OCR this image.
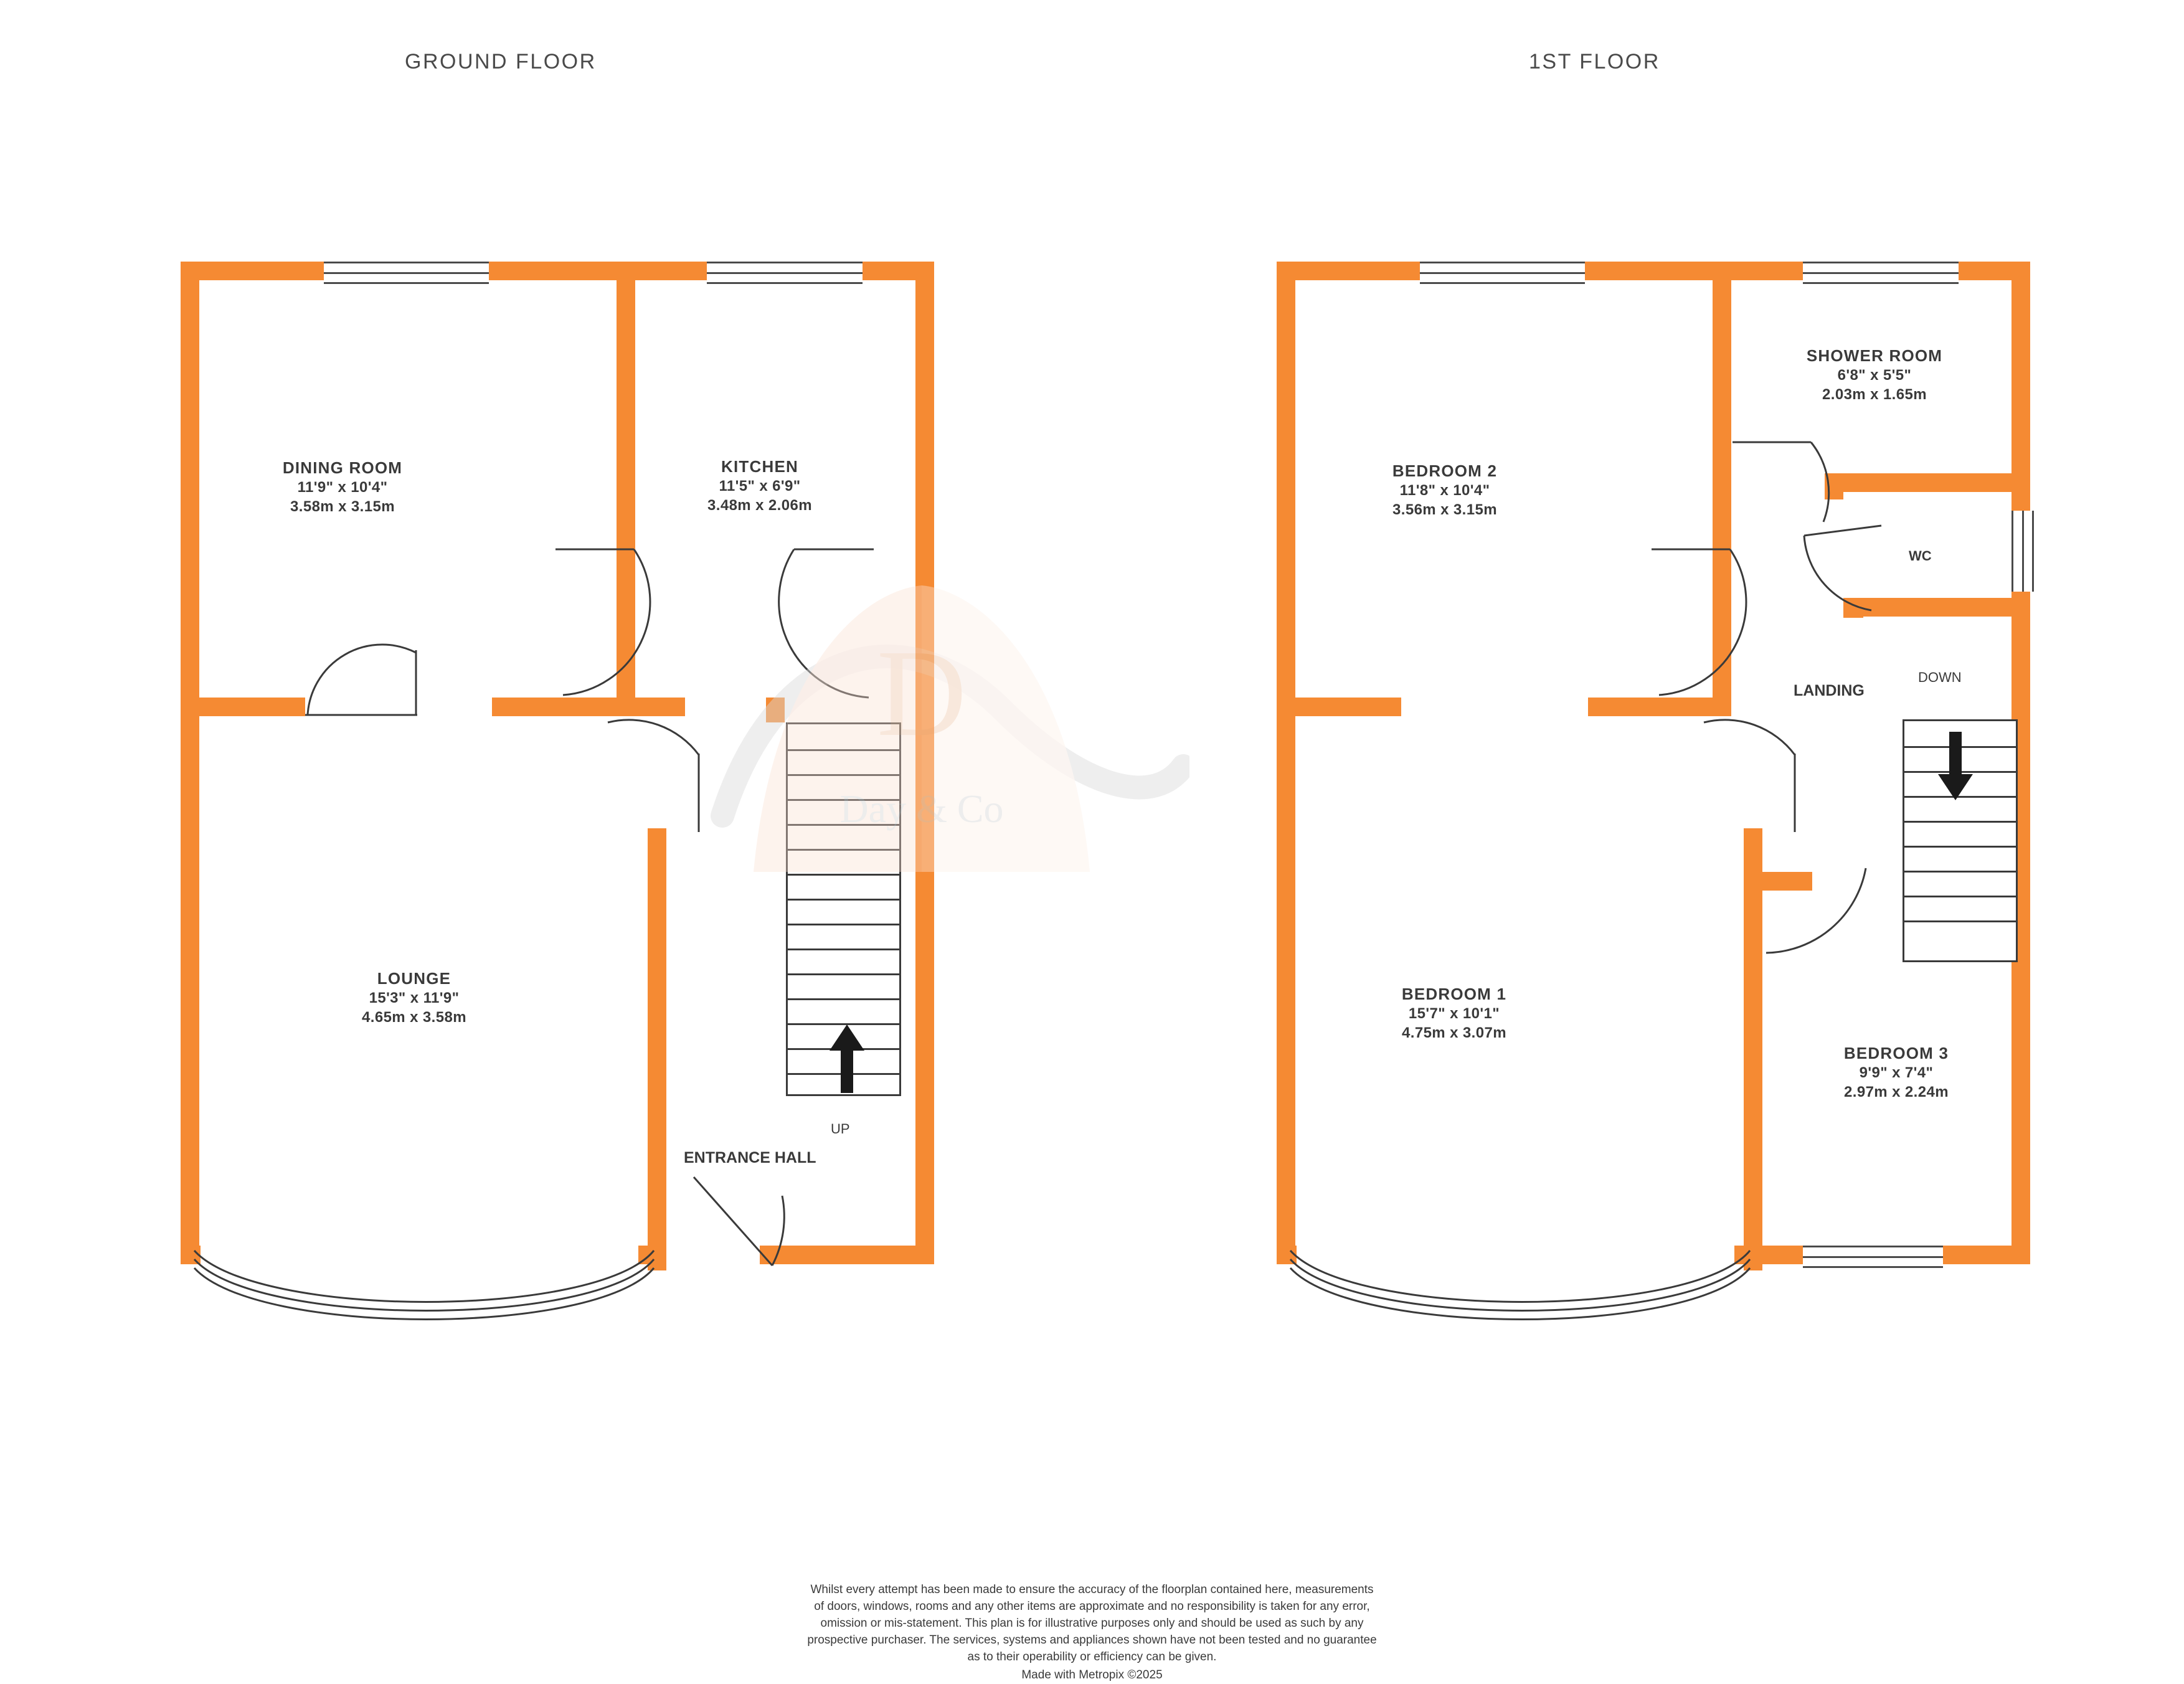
GROUND FLOOR	1ST FLOOR
DINING ROOM
11'9" x 10'4"
3.58m x 3.15m
KITCHEN
11'5" x 6'9"
3.48m x 2.06m
LOUNGE
15'3" x 11'9"
4.65m x 3.58m
UP
ENTRANCE HALL
BEDROOM 2
11'8" x 10'4"
3.56m x 3.15m
SHOWER ROOM
6'8" x 5'5"
2.03m x 1.65m
BEDROOM 1
15'7" x 10'1"
4.75m x 3.07m
BEDROOM 3
9'9" x 7'4"
2.97m x 2.24m
WC
LANDING
DOWN
D
Day & Co
Whilst every attempt has been made to ensure the accuracy of the floorplan contained here, measurements
of doors, windows, rooms and any other items are approximate and no responsibility is taken for any error,
omission or mis-statement. This plan is for illustrative purposes only and should be used as such by any
prospective purchaser. The services, systems and appliances shown have not been tested and no guarantee
as to their operability or efficiency can be given.
Made with Metropix ©2025
